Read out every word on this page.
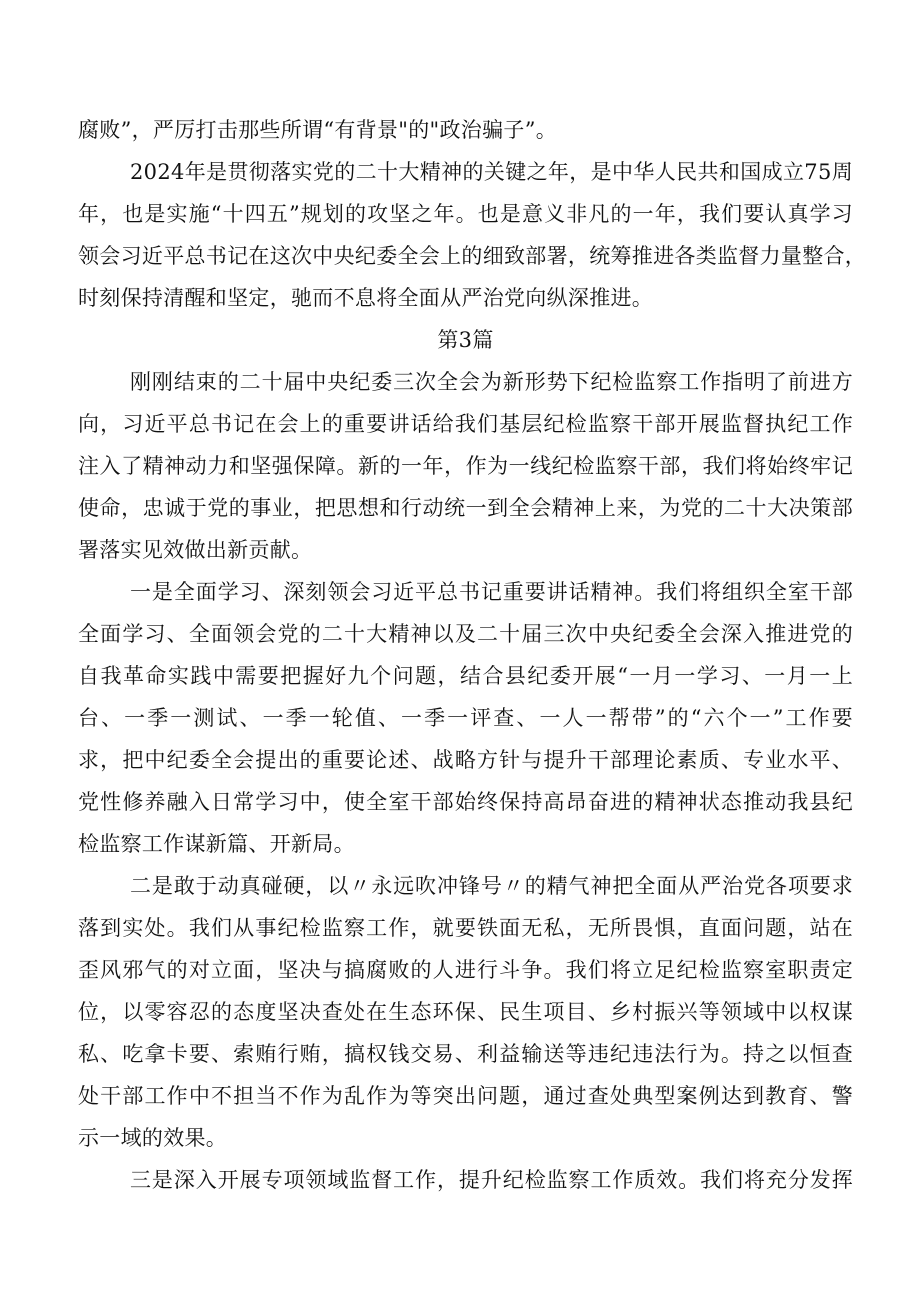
腐败”，严厉打击那些所谓“有背景"的"政治骗子”。
2024年是贯彻落实党的二十大精神的关键之年，是中华人民共和国成立75周
年，也是实施“十四五”规划的攻坚之年。也是意义非凡的一年，我们要认真学习
领会习近平总书记在这次中央纪委全会上的细致部署，统筹推进各类监督力量整合，
时刻保持清醒和坚定，驰而不息将全面从严治党向纵深推进。
第3篇
刚刚结束的二十届中央纪委三次全会为新形势下纪检监察工作指明了前进方
向，习近平总书记在会上的重要讲话给我们基层纪检监察干部开展监督执纪工作
注入了精神动力和坚强保障。新的一年，作为一线纪检监察干部，我们将始终牢记
使命，忠诚于党的事业，把思想和行动统一到全会精神上来，为党的二十大决策部
署落实见效做出新贡献。
一是全面学习、深刻领会习近平总书记重要讲话精神。我们将组织全室干部
全面学习、全面领会党的二十大精神以及二十届三次中央纪委全会深入推进党的
自我革命实践中需要把握好九个问题，结合县纪委开展“一月一学习、一月一上
台、一季一测试、一季一轮值、一季一评查、一人一帮带”的“六个一”工作要
求，把中纪委全会提出的重要论述、战略方针与提升干部理论素质、专业水平、
党性修养融入日常学习中，使全室干部始终保持高昂奋进的精神状态推动我县纪
检监察工作谋新篇、开新局。
二是敢于动真碰硬，以〃永远吹冲锋号〃的精气神把全面从严治党各项要求
落到实处。我们从事纪检监察工作，就要铁面无私，无所畏惧，直面问题，站在
歪风邪气的对立面，坚决与搞腐败的人进行斗争。我们将立足纪检监察室职责定
位，以零容忍的态度坚决查处在生态环保、民生项目、乡村振兴等领域中以权谋
私、吃拿卡要、索贿行贿，搞权钱交易、利益输送等违纪违法行为。持之以恒查
处干部工作中不担当不作为乱作为等突出问题，通过查处典型案例达到教育、警
示一域的效果。
三是深入开展专项领域监督工作，提升纪检监察工作质效。我们将充分发挥
